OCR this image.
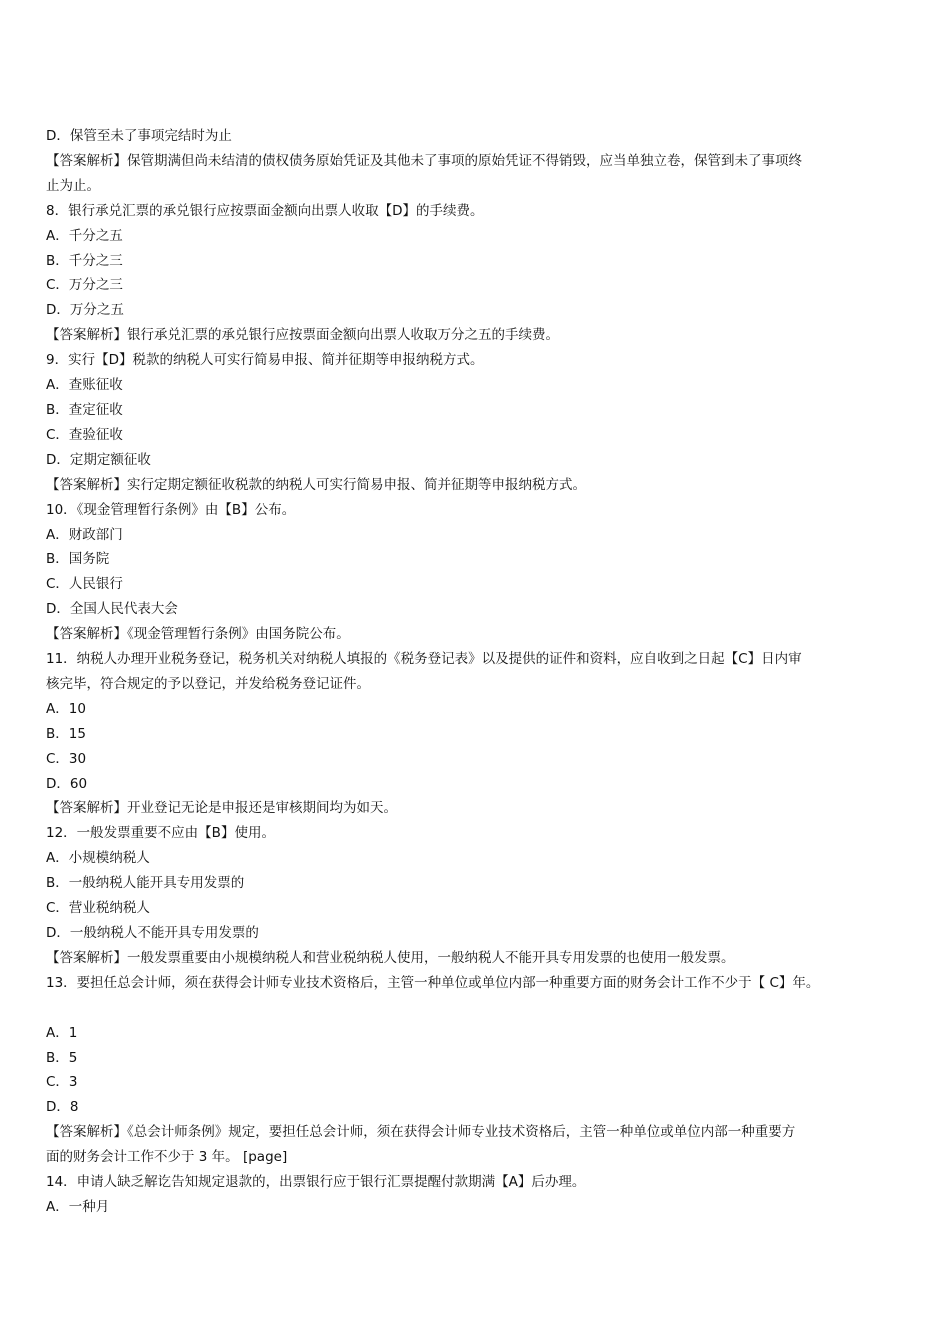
D．保管至未了事项完结时为止
【答案解析】保管期满但尚未结清的债权债务原始凭证及其他未了事项的原始凭证不得销毁，应当单独立卷，保管到未了事项终
止为止。
8．银行承兑汇票的承兑银行应按票面金额向出票人收取【D】的手续费。
A．千分之五
B．千分之三
C．万分之三
D．万分之五
【答案解析】银行承兑汇票的承兑银行应按票面金额向出票人收取万分之五的手续费。
9．实行【D】税款的纳税人可实行简易申报、简并征期等申报纳税方式。
A．查账征收
B．查定征收
C．查验征收
D．定期定额征收
【答案解析】实行定期定额征收税款的纳税人可实行简易申报、简并征期等申报纳税方式。
10．《现金管理暂行条例》由【B】公布。
A．财政部门
B．国务院
C．人民银行
D．全国人民代表大会
【答案解析】《现金管理暂行条例》由国务院公布。
11．纳税人办理开业税务登记，税务机关对纳税人填报的《税务登记表》以及提供的证件和资料，应自收到之日起【C】日内审
核完毕，符合规定的予以登记，并发给税务登记证件。
A．10
B．15
C．30
D．60
【答案解析】开业登记无论是申报还是审核期间均为如天。
12．一般发票重要不应由【B】使用。
A．小规模纳税人
B．一般纳税人能开具专用发票的
C．营业税纳税人
D．一般纳税人不能开具专用发票的
【答案解析】一般发票重要由小规模纳税人和营业税纳税人使用，一般纳税人不能开具专用发票的也使用一般发票。
13．要担任总会计师，须在获得会计师专业技术资格后，主管一种单位或单位内部一种重要方面的财务会计工作不少于【 C】年。
A．1
B．5
C．3
D．8
【答案解析】《总会计师条例》规定，要担任总会计师，须在获得会计师专业技术资格后，主管一种单位或单位内部一种重要方
面的财务会计工作不少于 3 年。 [page]
14．申请人缺乏解讫告知规定退款的，出票银行应于银行汇票提醒付款期满【A】后办理。
A．一种月
